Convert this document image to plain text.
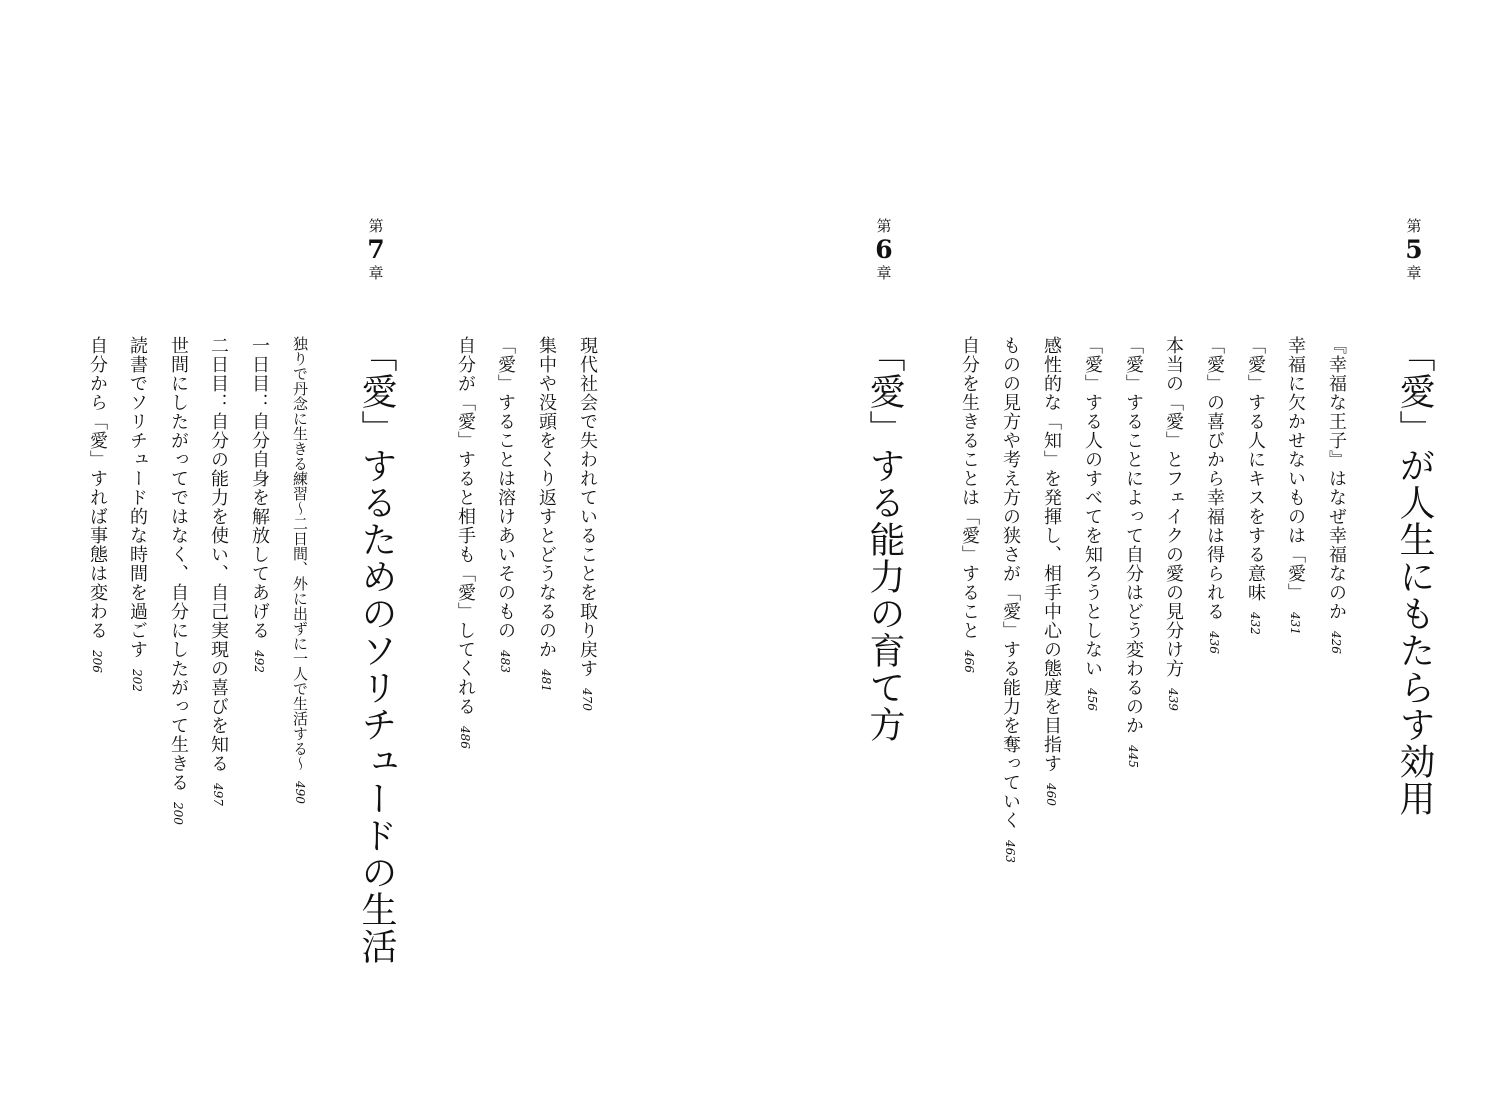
第
5
章
「愛」が人生にもたらす効用
『幸福な王子』はなぜ幸福なのか426
幸福に欠かせないものは「愛」431
「愛」する人にキスをする意味432
「愛」の喜びから幸福は得られる436
本当の「愛」とフェイクの愛の見分け方439
「愛」することによって自分はどう変わるのか445
「愛」する人のすべてを知ろうとしない456
感性的な「知」を発揮し、相手中心の態度を目指す460
ものの見方や考え方の狭さが「愛」する能力を奪っていく463
自分を生きることは「愛」すること466
第
6
章
「愛」する能力の育て方
現代社会で失われていることを取り戻す470
集中や没頭をくり返すとどうなるのか481
「愛」することは溶けあいそのもの483
自分が「愛」すると相手も「愛」してくれる486
第
7
章
「愛」するためのソリチュードの生活
独りで丹念に生きる練習〜二日間、外に出ずに一人で生活する〜490
一日目：自分自身を解放してあげる492
二日目：自分の能力を使い、自己実現の喜びを知る497
世間にしたがってではなく、自分にしたがって生きる200
読書でソリチュード的な時間を過ごす202
自分から「愛」すれば事態は変わる206
